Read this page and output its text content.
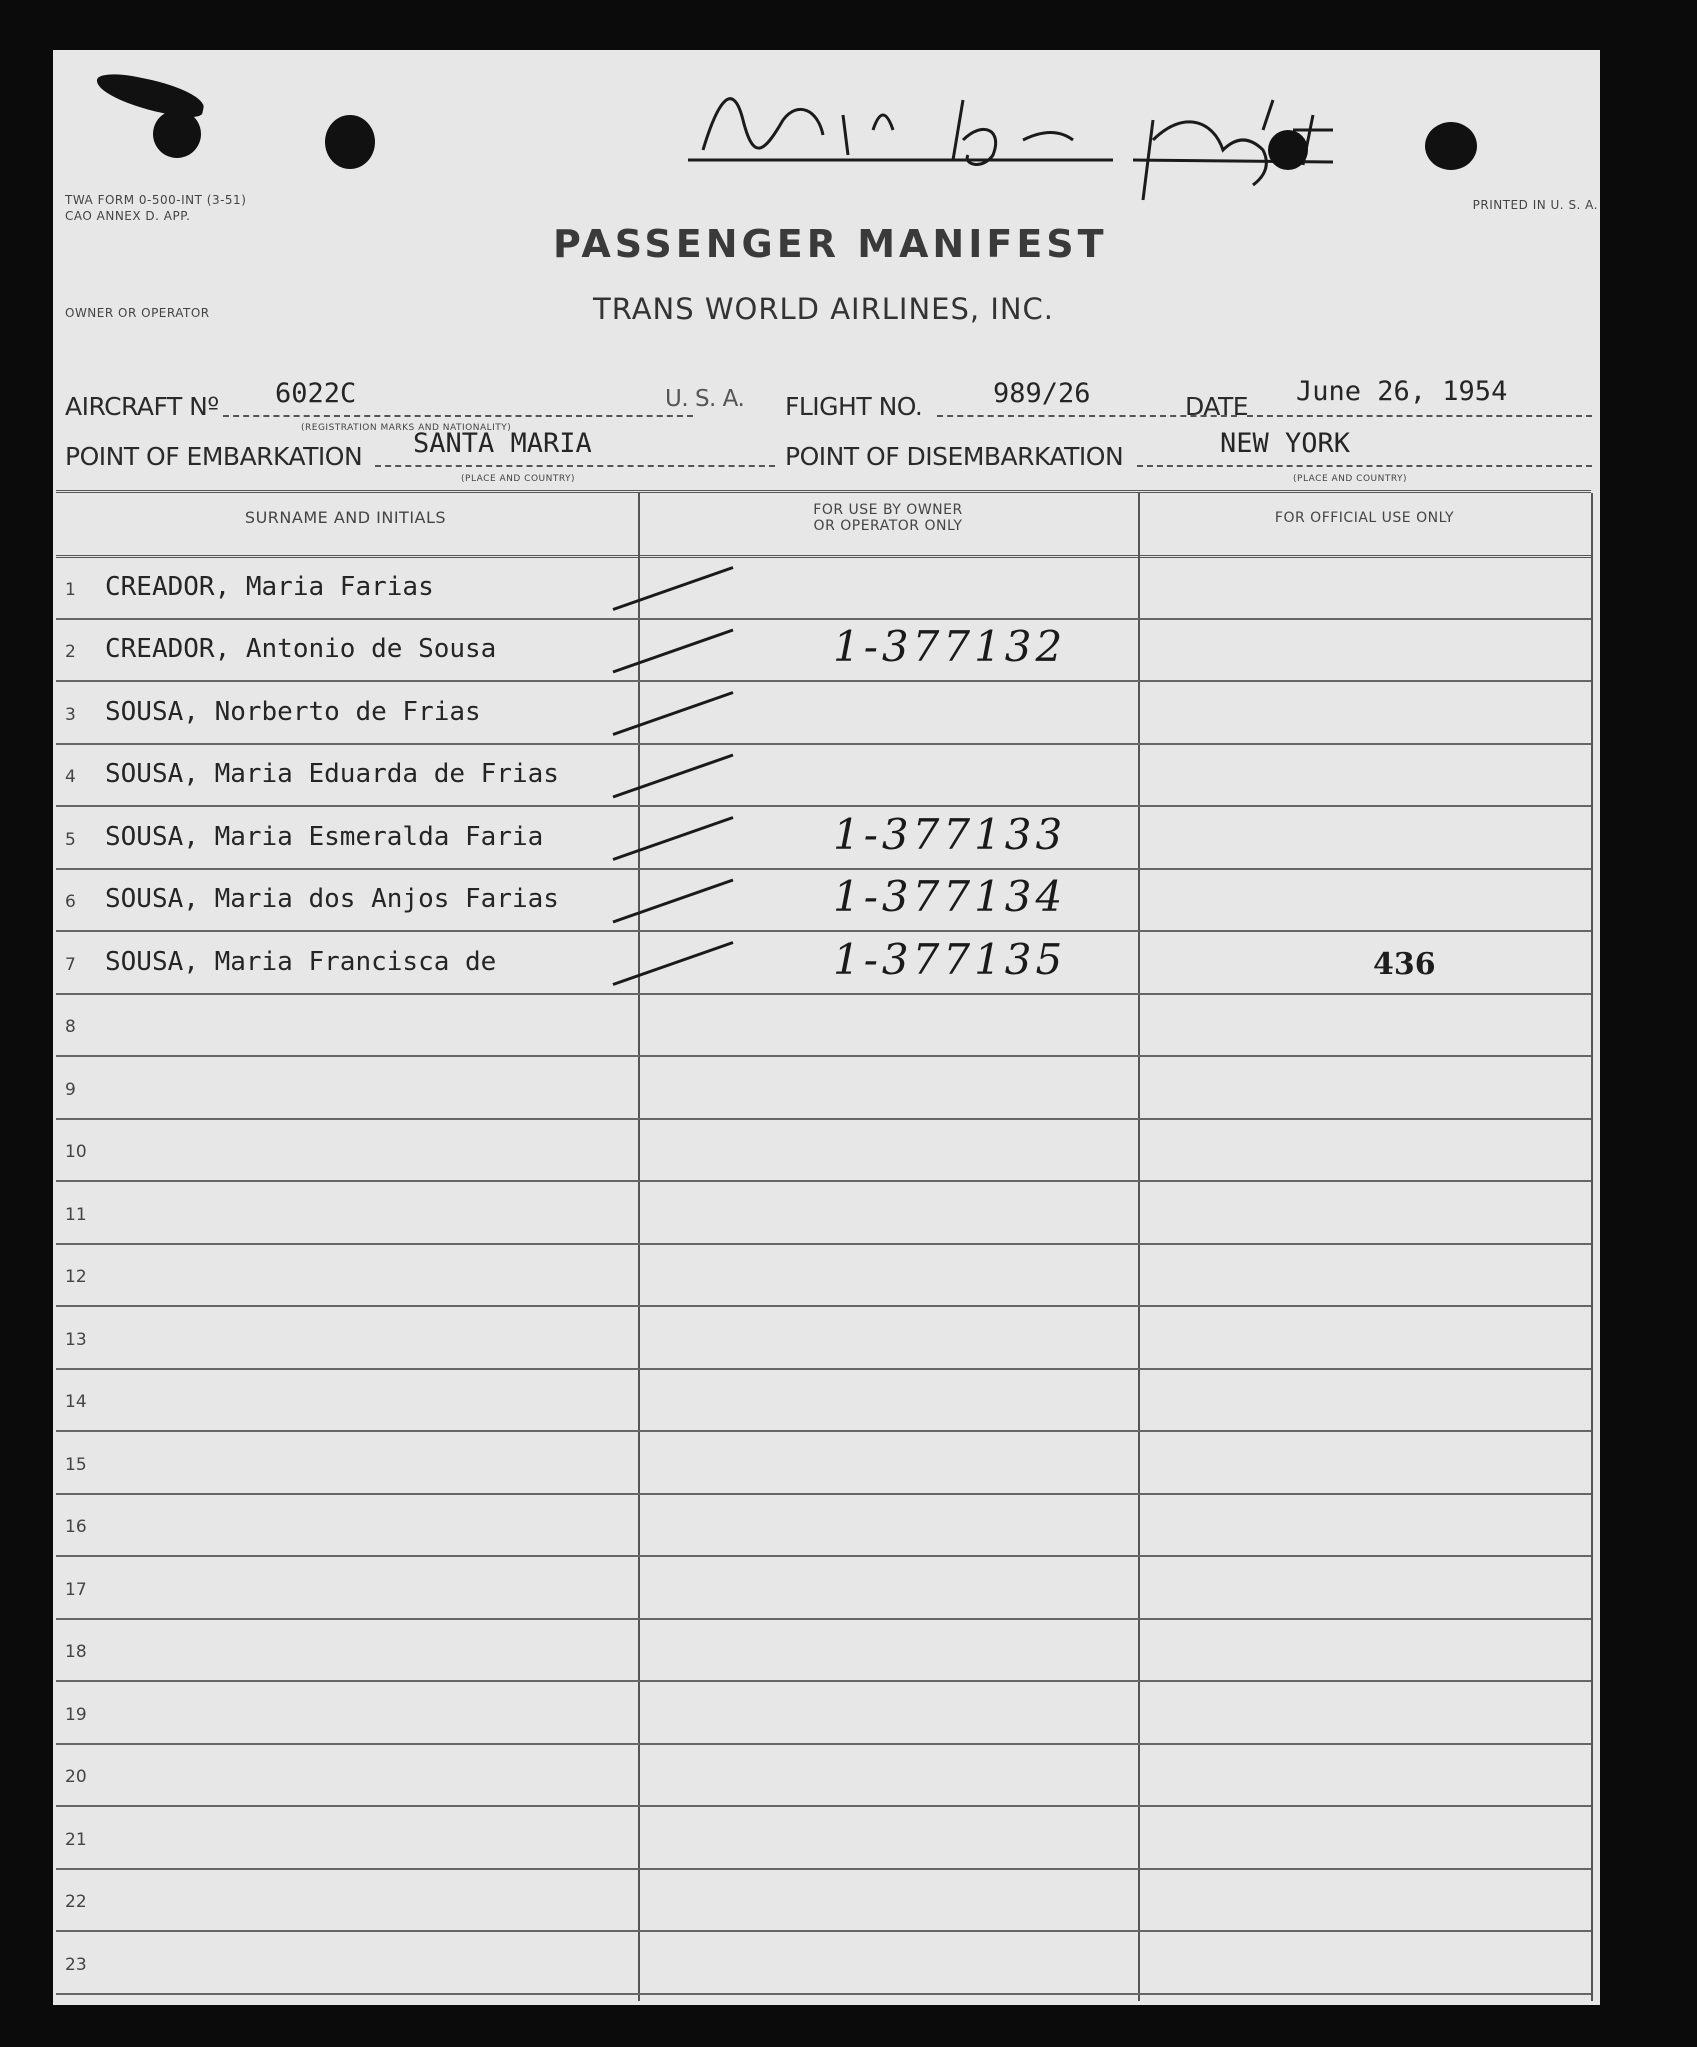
TWA FORM 0-500-INT (3-51)
CAO ANNEX D. APP.
PRINTED IN U. S. A.
PASSENGER MANIFEST
TRANS WORLD AIRLINES, INC.
OWNER OR OPERATOR
AIRCRAFT Nº 6022C
(REGISTRATION MARKS AND NATIONALITY)
U. S. A. FLIGHT NO.	989/26	DATE June 26, 1954
POINT OF EMBARKATION SANTA MARIA
(PLACE AND COUNTRY)
POINT OF DISEMBARKATION	NEW YORK
(PLACE AND COUNTRY)
SURNAME AND INITIALS	FOR USE BY OWNER
OR OPERATOR ONLY	FOR OFFICIAL USE ONLY
1 CREADOR, Maria Farias
2 CREADOR, Antonio de Sousa	1-377132
3 SOUSA, Norberto de Frias
4 SOUSA, Maria Eduarda de Frias
5 SOUSA, Maria Esmeralda Faria	1-377133
6 SOUSA, Maria dos Anjos Farias	1-377134
7 SOUSA, Maria Francisca de	1-377135	436
8
9
10
11
12
13
14
15
16
17
18
19
20
21
22
23
